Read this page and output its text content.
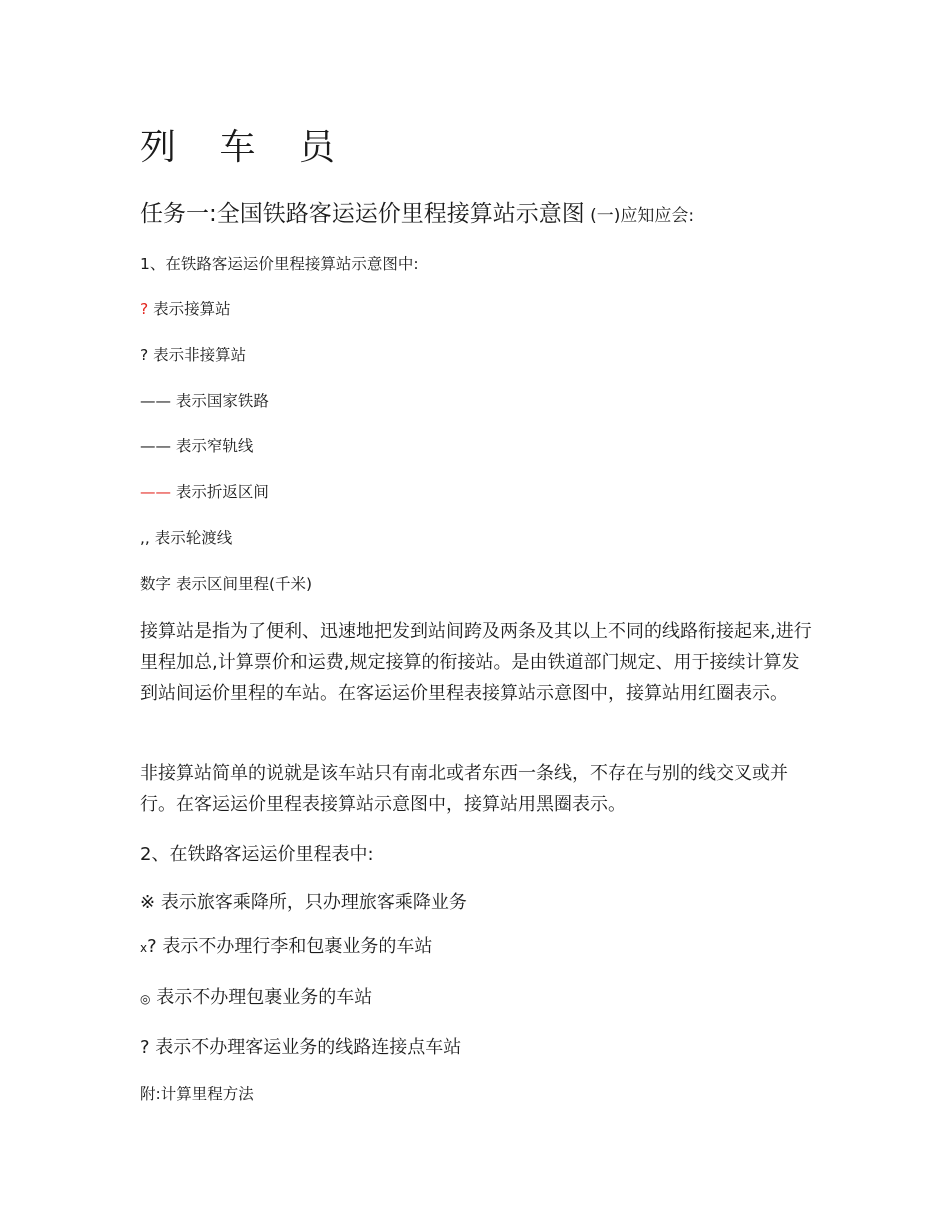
列 车 员
任务一:全国铁路客运运价里程接算站示意图 (一)应知应会:

1、在铁路客运运价里程接算站示意图中:

? 表示接算站

? 表示非接算站

—— 表示国家铁路

—— 表示窄轨线

—— 表示折返区间

,, 表示轮渡线

数字 表示区间里程(千米)

接算站是指为了便利、迅速地把发到站间跨及两条及其以上不同的线路衔接起来,进行里程加总,计算票价和运费,规定接算的衔接站。是由铁道部门规定、用于接续计算发到站间运价里程的车站。在客运运价里程表接算站示意图中，接算站用红圈表示。

非接算站简单的说就是该车站只有南北或者东西一条线，不存在与别的线交叉或并行。在客运运价里程表接算站示意图中，接算站用黑圈表示。

2、在铁路客运运价里程表中:

※ 表示旅客乘降所，只办理旅客乘降业务

x? 表示不办理行李和包裹业务的车站

◎ 表示不办理包裹业务的车站

? 表示不办理客运业务的线路连接点车站

附:计算里程方法
